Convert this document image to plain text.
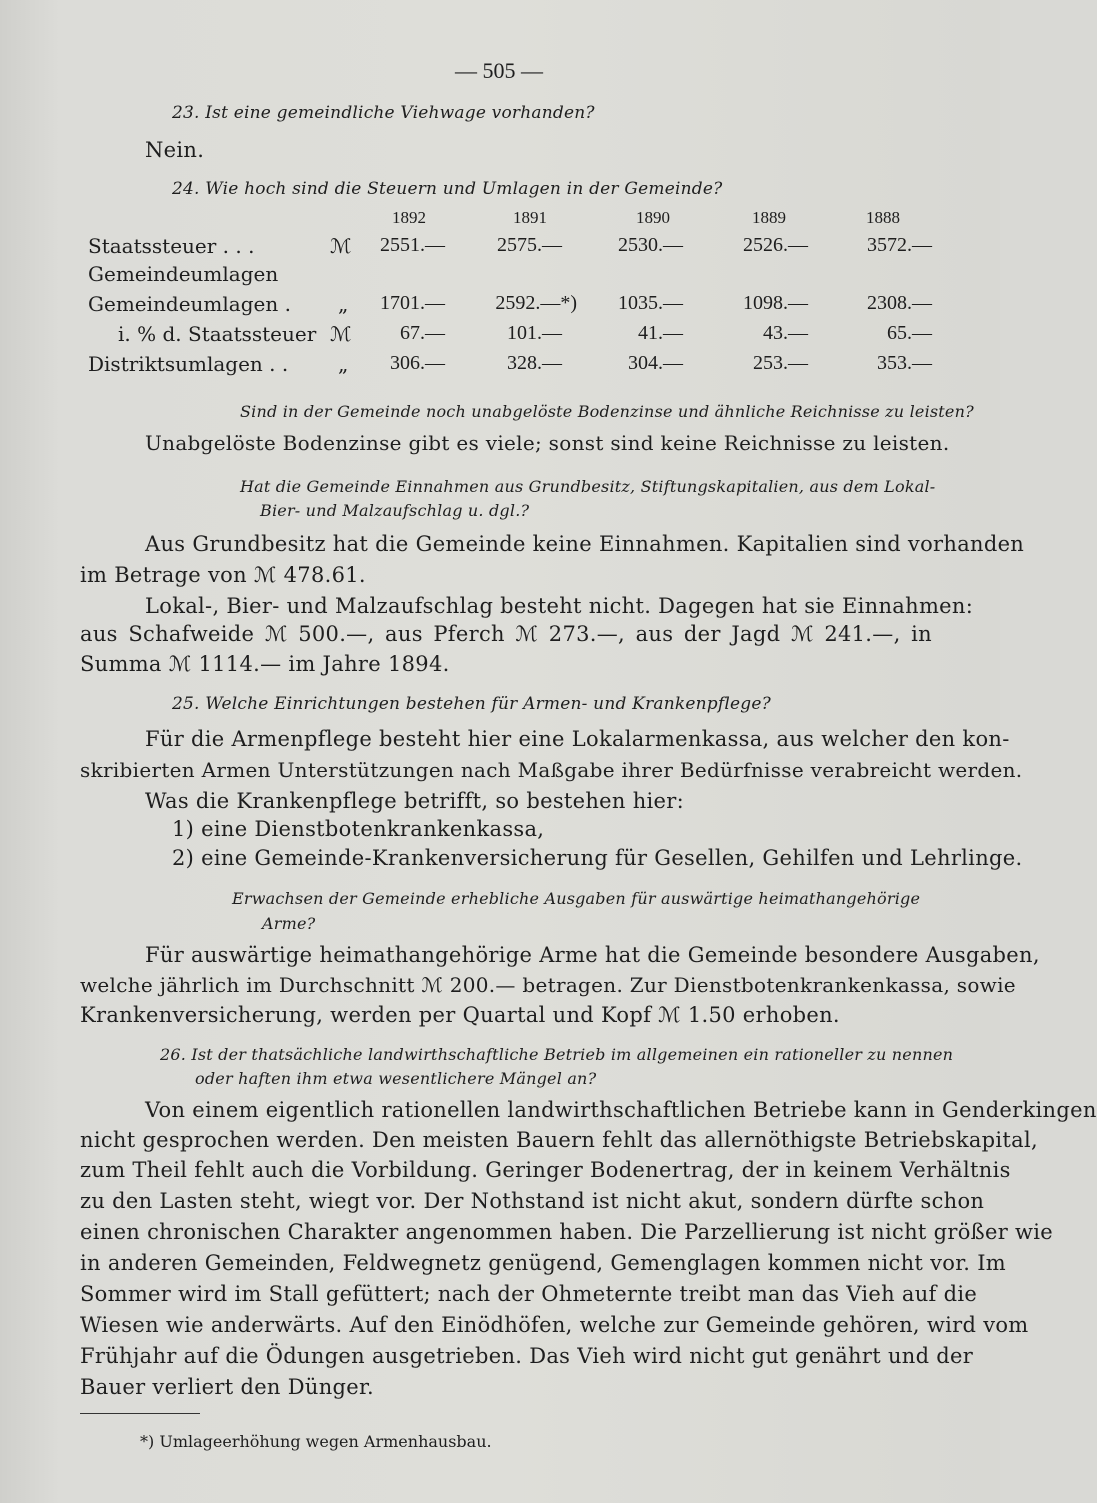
— 505 —
23. Ist eine gemeindliche Viehwage vorhanden?
Nein.
24. Wie hoch sind die Steuern und Umlagen in der Gemeinde?
1892	1891	1890	1889	1888
Staatssteuer . . .	ℳ	2551.—	2575.—	2530.—	2526.—	3572.—
Gemeindeumlagen
Gemeindeumlagen . „	1701.—	2592.—*)	1035.—	1098.—	2308.—
i. % d. Staatssteuer ℳ	67.—	101.—	41.—	43.—	65.—
Distriktsumlagen . . „	306.—	328.—	304.—	253.—	353.—
Sind in der Gemeinde noch unabgelöste Bodenzinse und ähnliche Reichnisse zu leisten?
Unabgelöste Bodenzinse gibt es viele; sonst sind keine Reichnisse zu leisten.
Hat die Gemeinde Einnahmen aus Grundbesitz, Stiftungskapitalien, aus dem Lokal-
Bier- und Malzaufschlag u. dgl.?
Aus Grundbesitz hat die Gemeinde keine Einnahmen. Kapitalien sind vorhanden
im Betrage von ℳ 478.61.
Lokal-, Bier- und Malzaufschlag besteht nicht. Dagegen hat sie Einnahmen:
aus Schafweide ℳ 500.—, aus Pferch ℳ 273.—, aus der Jagd ℳ 241.—, in
Summa ℳ 1114.— im Jahre 1894.
25. Welche Einrichtungen bestehen für Armen- und Krankenpflege?
Für die Armenpflege besteht hier eine Lokalarmenkassa, aus welcher den kon-
skribierten Armen Unterstützungen nach Maßgabe ihrer Bedürfnisse verabreicht werden.
Was die Krankenpflege betrifft, so bestehen hier:
1) eine Dienstbotenkrankenkassa,
2) eine Gemeinde-Krankenversicherung für Gesellen, Gehilfen und Lehrlinge.
Erwachsen der Gemeinde erhebliche Ausgaben für auswärtige heimathangehörige
Arme?
Für auswärtige heimathangehörige Arme hat die Gemeinde besondere Ausgaben,
welche jährlich im Durchschnitt ℳ 200.— betragen. Zur Dienstbotenkrankenkassa, sowie
Krankenversicherung, werden per Quartal und Kopf ℳ 1.50 erhoben.
26. Ist der thatsächliche landwirthschaftliche Betrieb im allgemeinen ein rationeller zu nennen
oder haften ihm etwa wesentlichere Mängel an?
Von einem eigentlich rationellen landwirthschaftlichen Betriebe kann in Genderkingen
nicht gesprochen werden. Den meisten Bauern fehlt das allernöthigste Betriebskapital,
zum Theil fehlt auch die Vorbildung. Geringer Bodenertrag, der in keinem Verhältnis
zu den Lasten steht, wiegt vor. Der Nothstand ist nicht akut, sondern dürfte schon
einen chronischen Charakter angenommen haben. Die Parzellierung ist nicht größer wie
in anderen Gemeinden, Feldwegnetz genügend, Gemenglagen kommen nicht vor. Im
Sommer wird im Stall gefüttert; nach der Ohmeternte treibt man das Vieh auf die
Wiesen wie anderwärts. Auf den Einödhöfen, welche zur Gemeinde gehören, wird vom
Frühjahr auf die Ödungen ausgetrieben. Das Vieh wird nicht gut genährt und der
Bauer verliert den Dünger.
*) Umlageerhöhung wegen Armenhausbau.
